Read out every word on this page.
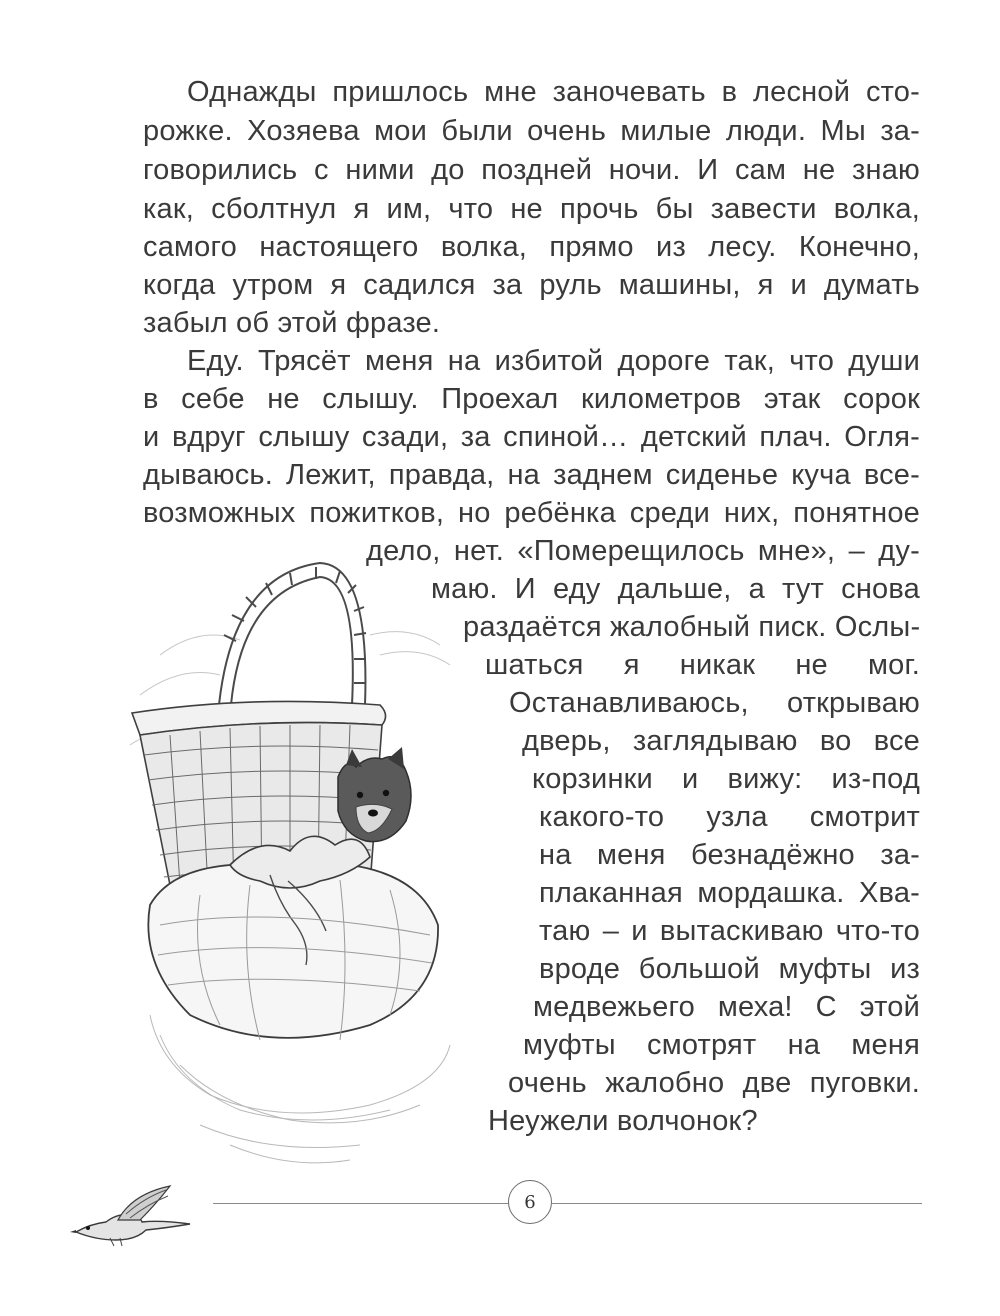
Однажды пришлось мне заночевать в лесной сто-
рожке. Хозяева мои были очень милые люди. Мы за-
говорились с ними до поздней ночи. И сам не знаю
как, сболтнул я им, что не прочь бы завести волка,
самого настоящего волка, прямо из лесу. Конечно,
когда утром я садился за руль машины, я и думать
забыл об этой фразе.
Еду. Трясёт меня на избитой дороге так, что души
в себе не слышу. Проехал километров этак сорок
и вдруг слышу сзади, за спиной… детский плач. Огля-
дываюсь. Лежит, правда, на заднем сиденье куча все-
возможных пожитков, но ребёнка среди них, понятное
дело, нет. «Померещилось мне», – ду-
маю. И еду дальше, а тут снова
раздаётся жалобный писк. Ослы-
шаться я никак не мог.
Останавливаюсь, открываю
дверь, заглядываю во все
корзинки и вижу: из-под
какого-то узла смотрит
на меня безнадёжно за-
плаканная мордашка. Хва-
таю – и вытаскиваю что-то
вроде большой муфты из
медвежьего меха! С этой
муфты смотрят на меня
очень жалобно две пуговки.
Неужели волчонок?
6
